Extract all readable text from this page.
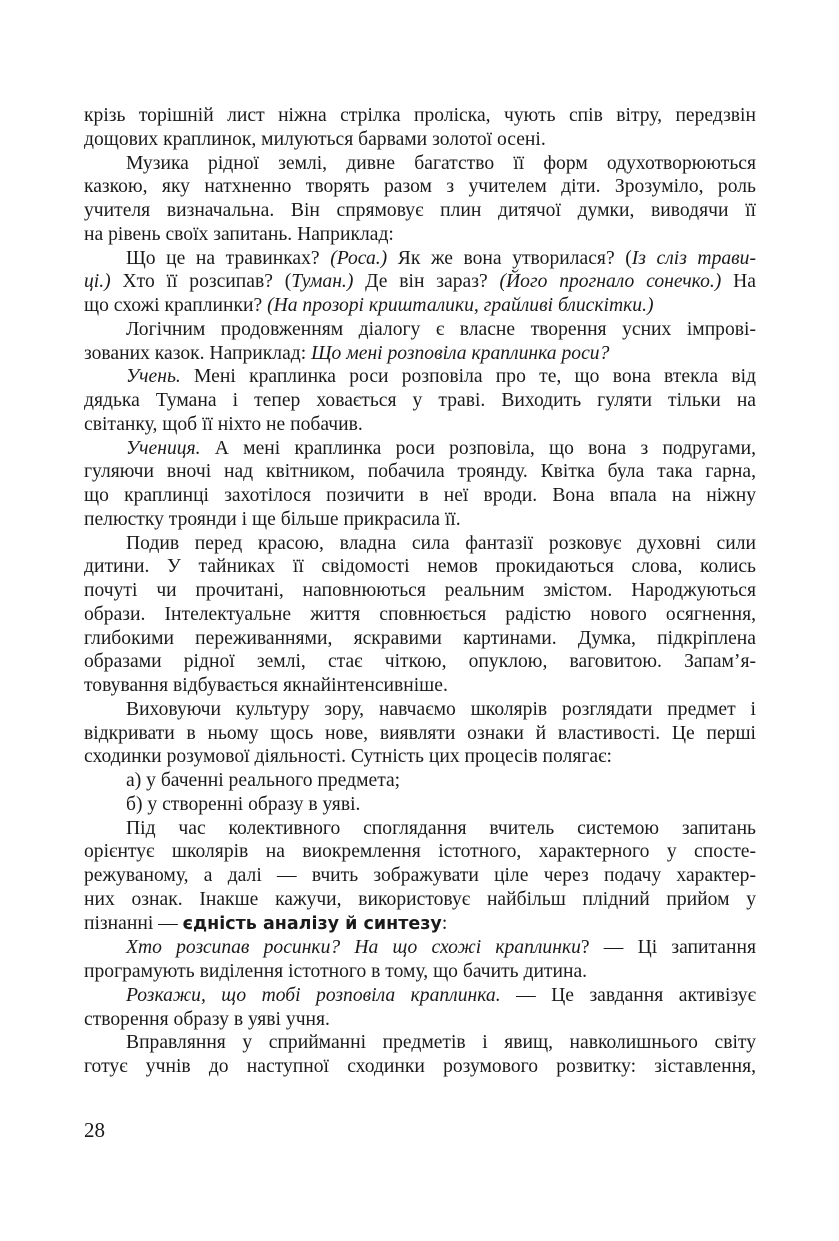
крізь торішній лист ніжна стрілка проліска, чують спів вітру, передзвін
дощових краплинок, милуються барвами золотої осені.
Музика рідної землі, дивне багатство її форм одухотворюються
казкою, яку натхненно творять разом з учителем діти. Зрозуміло, роль
учителя визначальна. Він спрямовує плин дитячої думки, виводячи її
на рівень своїх запитань. Наприклад:
Що це на травинках? (Роса.) Як же вона утворилася? (Із сліз трави-
ці.) Хто її розсипав? (Туман.) Де він зараз? (Його прогнало сонечко.) На
що схожі краплинки? (На прозорі кришталики, грайливі блискітки.)
Логічним продовженням діалогу є власне творення усних імпрові-
зованих казок. Наприклад: Що мені розповіла краплинка роси?
Учень. Мені краплинка роси розповіла про те, що вона втекла від
дядька Тумана і тепер ховається у траві. Виходить гуляти тільки на
світанку, щоб її ніхто не побачив.
Учениця. А мені краплинка роси розповіла, що вона з подругами,
гуляючи вночі над квітником, побачила троянду. Квітка була така гарна,
що краплинці захотілося позичити в неї вроди. Вона впала на ніжну
пелюстку троянди і ще більше прикрасила її.
Подив перед красою, владна сила фантазії розковує духовні сили
дитини. У тайниках її свідомості немов прокидаються слова, колись
почуті чи прочитані, наповнюються реальним змістом. Народжуються
образи. Інтелектуальне життя сповнюється радістю нового осягнення,
глибокими переживаннями, яскравими картинами. Думка, підкріплена
образами рідної землі, стає чіткою, опуклою, ваговитою. Запам’я-
товування відбувається якнайінтенсивніше.
Виховуючи культуру зору, навчаємо школярів розглядати предмет і
відкривати в ньому щось нове, виявляти ознаки й властивості. Це перші
сходинки розумової діяльності. Сутність цих процесів полягає:
а) у баченні реального предмета;
б) у створенні образу в уяві.
Під час колективного споглядання вчитель системою запитань
орієнтує школярів на виокремлення істотного, характерного у спосте-
режуваному, а далі — вчить зображувати ціле через подачу характер-
них ознак. Інакше кажучи, використовує найбільш плідний прийом у
пізнанні — єдність аналізу й синтезу:
Хто розсипав росинки? На що схожі краплинки? — Ці запитання
програмують виділення істотного в тому, що бачить дитина.
Розкажи, що тобі розповіла краплинка. — Це завдання активізує
створення образу в уяві учня.
Вправляння у сприйманні предметів і явищ, навколишнього світу
готує учнів до наступної сходинки розумового розвитку: зіставлення,
28
